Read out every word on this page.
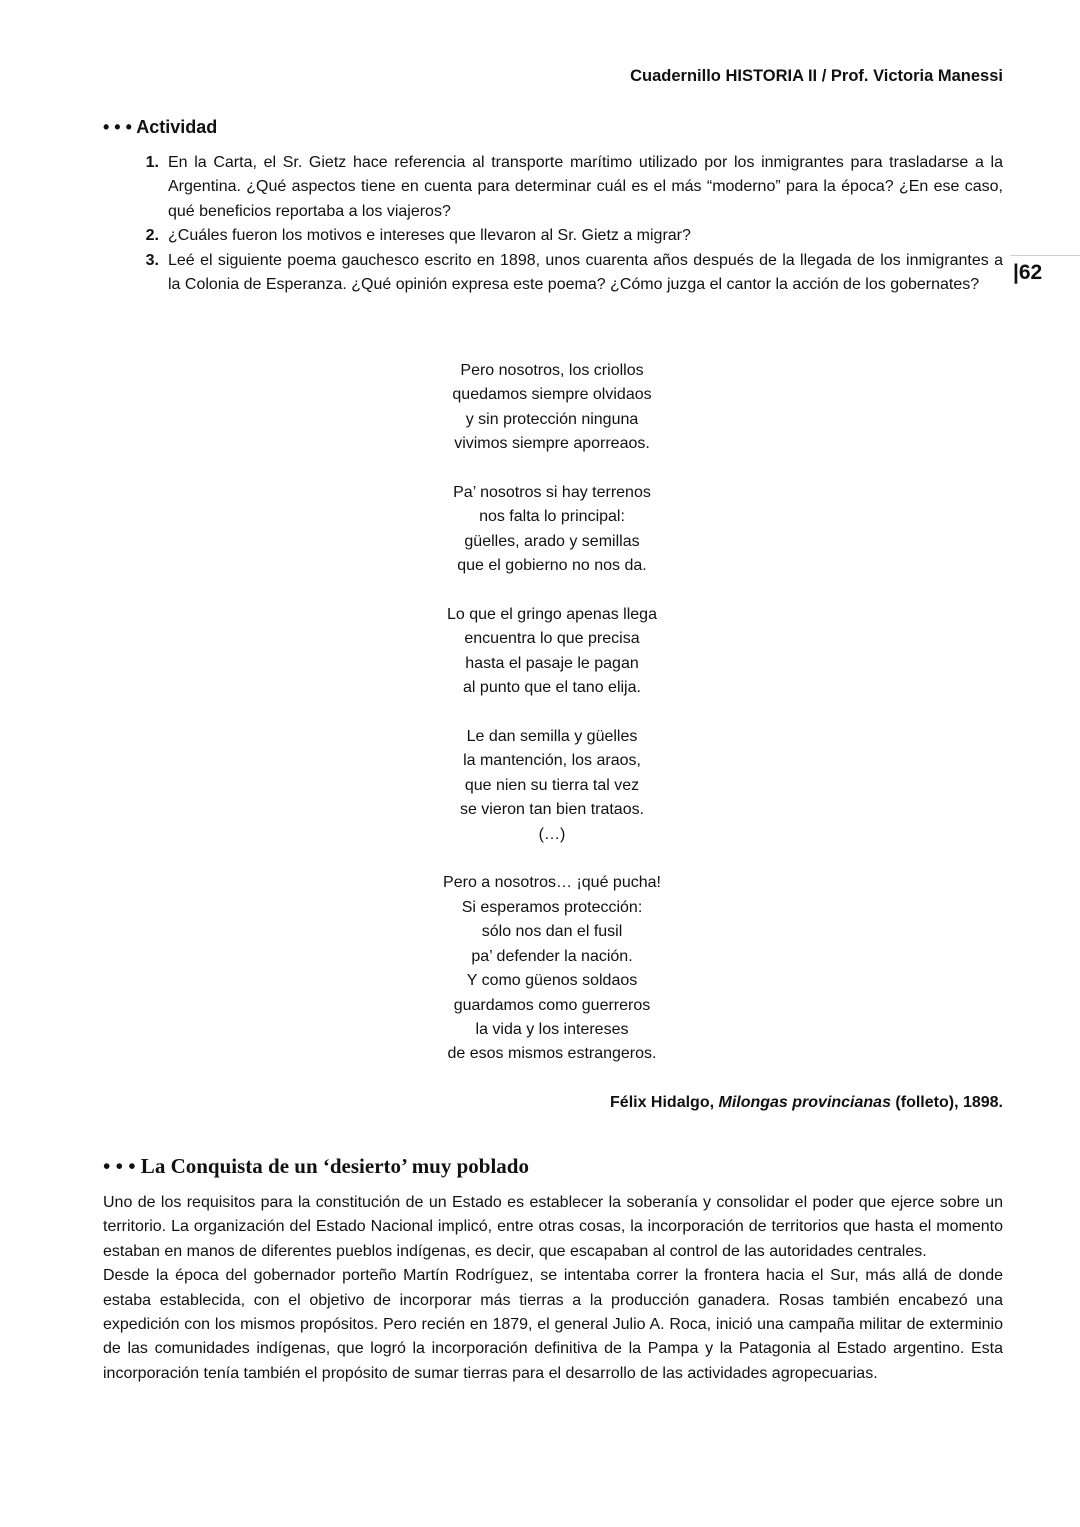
Cuadernillo HISTORIA II / Prof. Victoria Manessi
|62
• • • Actividad
1. En la Carta, el Sr. Gietz hace referencia al transporte marítimo utilizado por los inmigrantes para trasladarse a la Argentina. ¿Qué aspectos tiene en cuenta para determinar cuál es el más “moderno” para la época? ¿En ese caso, qué beneficios reportaba a los viajeros?
2. ¿Cuáles fueron los motivos e intereses que llevaron al Sr. Gietz a migrar?
3. Leé el siguiente poema gauchesco escrito en 1898, unos cuarenta años después de la llegada de los inmigrantes a la Colonia de Esperanza. ¿Qué opinión expresa este poema? ¿Cómo juzga el cantor la acción de los gobernates?
Pero nosotros, los criollos
quedamos siempre olvidaos
y sin protección ninguna
vivimos siempre aporreaos.
Pa’ nosotros si hay terrenos
nos falta lo principal:
güelles, arado y semillas
que el gobierno no nos da.
Lo que el gringo apenas llega
encuentra lo que precisa
hasta el pasaje le pagan
al punto que el tano elija.
Le dan semilla y güelles
la mantención, los araos,
que nien su tierra tal vez
se vieron tan bien trataos.
(…)
Pero a nosotros… ¡qué pucha!
Si esperamos protección:
sólo nos dan el fusil
pa’ defender la nación.
Y como güenos soldaos
guardamos como guerreros
la vida y los intereses
de esos mismos estrangeros.
Félix Hidalgo, Milongas provincianas (folleto), 1898.
• • • La Conquista de un ‘desierto’ muy poblado

Uno de los requisitos para la constitución de un Estado es establecer la soberanía y consolidar el poder que ejerce sobre un territorio. La organización del Estado Nacional implicó, entre otras cosas, la incorporación de territorios que hasta el momento estaban en manos de diferentes pueblos indígenas, es decir, que escapaban al control de las autoridades centrales.

Desde la época del gobernador porteño Martín Rodríguez, se intentaba correr la frontera hacia el Sur, más allá de donde estaba establecida, con el objetivo de incorporar más tierras a la producción ganadera. Rosas también encabezó una expedición con los mismos propósitos. Pero recién en 1879, el general Julio A. Roca, inició una campaña militar de exterminio de las comunidades indígenas, que logró la incorporación definitiva de la Pampa y la Patagonia al Estado argentino. Esta incorporación tenía también el propósito de sumar tierras para el desarrollo de las actividades agropecuarias.
